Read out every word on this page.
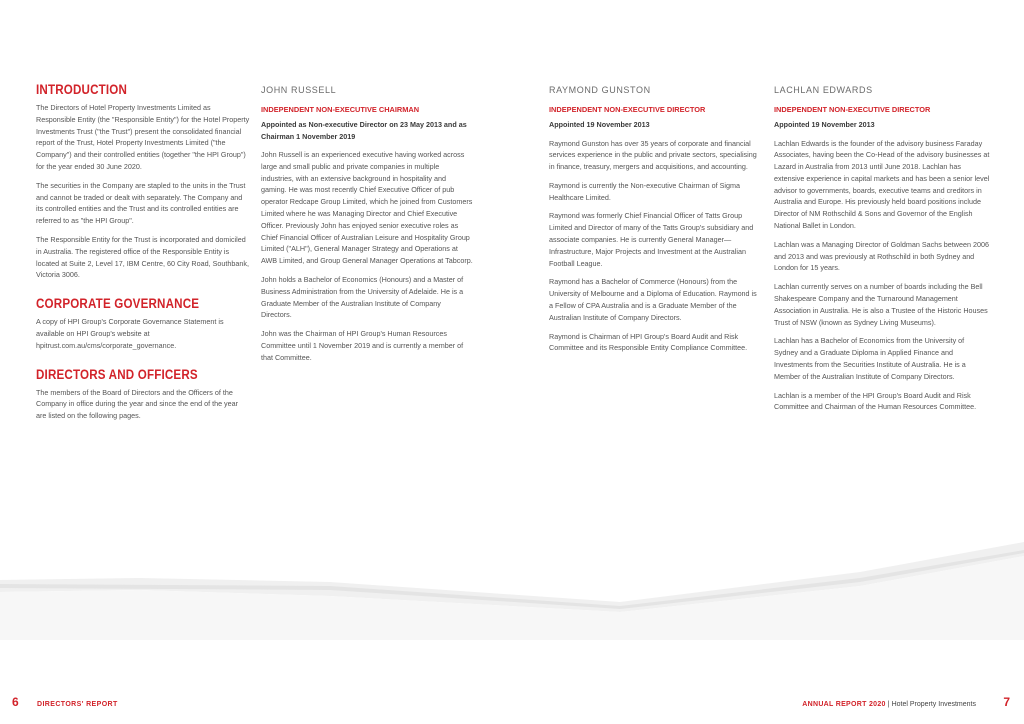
INTRODUCTION

The Directors of Hotel Property Investments Limited as Responsible Entity (the "Responsible Entity") for the Hotel Property Investments Trust ("the Trust") present the consolidated financial report of the Trust, Hotel Property Investments Limited ("the Company") and their controlled entities (together "the HPI Group") for the year ended 30 June 2020.

The securities in the Company are stapled to the units in the Trust and cannot be traded or dealt with separately. The Company and its controlled entities and the Trust and its controlled entities are referred to as "the HPI Group".

The Responsible Entity for the Trust is incorporated and domiciled in Australia. The registered office of the Responsible Entity is located at Suite 2, Level 17, IBM Centre, 60 City Road, Southbank, Victoria 3006.

CORPORATE GOVERNANCE

A copy of HPI Group's Corporate Governance Statement is available on HPI Group's website at hpitrust.com.au/cms/corporate_governance.

DIRECTORS AND OFFICERS

The members of the Board of Directors and the Officers of the Company in office during the year and since the end of the year are listed on the following pages.

JOHN RUSSELL
INDEPENDENT NON-EXECUTIVE CHAIRMAN
Appointed as Non-executive Director on 23 May 2013 and as Chairman 1 November 2019

John Russell is an experienced executive having worked across large and small public and private companies in multiple industries, with an extensive background in hospitality and gaming. He was most recently Chief Executive Officer of pub operator Redcape Group Limited, which he joined from Customers Limited where he was Managing Director and Chief Executive Officer. Previously John has enjoyed senior executive roles as Chief Financial Officer of Australian Leisure and Hospitality Group Limited ("ALH"), General Manager Strategy and Operations at AWB Limited, and Group General Manager Operations at Tabcorp.

John holds a Bachelor of Economics (Honours) and a Master of Business Administration from the University of Adelaide. He is a Graduate Member of the Australian Institute of Company Directors.

John was the Chairman of HPI Group's Human Resources Committee until 1 November 2019 and is currently a member of that Committee.

RAYMOND GUNSTON
INDEPENDENT NON-EXECUTIVE DIRECTOR
Appointed 19 November 2013

Raymond Gunston has over 35 years of corporate and financial services experience in the public and private sectors, specialising in finance, treasury, mergers and acquisitions, and accounting.

Raymond is currently the Non-executive Chairman of Sigma Healthcare Limited.

Raymond was formerly Chief Financial Officer of Tatts Group Limited and Director of many of the Tatts Group's subsidiary and associate companies. He is currently General Manager—Infrastructure, Major Projects and Investment at the Australian Football League.

Raymond has a Bachelor of Commerce (Honours) from the University of Melbourne and a Diploma of Education. Raymond is a Fellow of CPA Australia and is a Graduate Member of the Australian Institute of Company Directors.

Raymond is Chairman of HPI Group's Board Audit and Risk Committee and its Responsible Entity Compliance Committee.

LACHLAN EDWARDS
INDEPENDENT NON-EXECUTIVE DIRECTOR
Appointed 19 November 2013

Lachlan Edwards is the founder of the advisory business Faraday Associates, having been the Co-Head of the advisory businesses at Lazard in Australia from 2013 until June 2018. Lachlan has extensive experience in capital markets and has been a senior level advisor to governments, boards, executive teams and creditors in Australia and Europe. His previously held board positions include Director of NM Rothschild & Sons and Governor of the English National Ballet in London.

Lachlan was a Managing Director of Goldman Sachs between 2006 and 2013 and was previously at Rothschild in both Sydney and London for 15 years.

Lachlan currently serves on a number of boards including the Bell Shakespeare Company and the Turnaround Management Association in Australia. He is also a Trustee of the Historic Houses Trust of NSW (known as Sydney Living Museums).

Lachlan has a Bachelor of Economics from the University of Sydney and a Graduate Diploma in Applied Finance and Investments from the Securities Institute of Australia. He is a Member of the Australian Institute of Company Directors.

Lachlan is a member of the HPI Group's Board Audit and Risk Committee and Chairman of the Human Resources Committee.

6	DIRECTORS' REPORT	ANNUAL REPORT 2020 | Hotel Property Investments 7
